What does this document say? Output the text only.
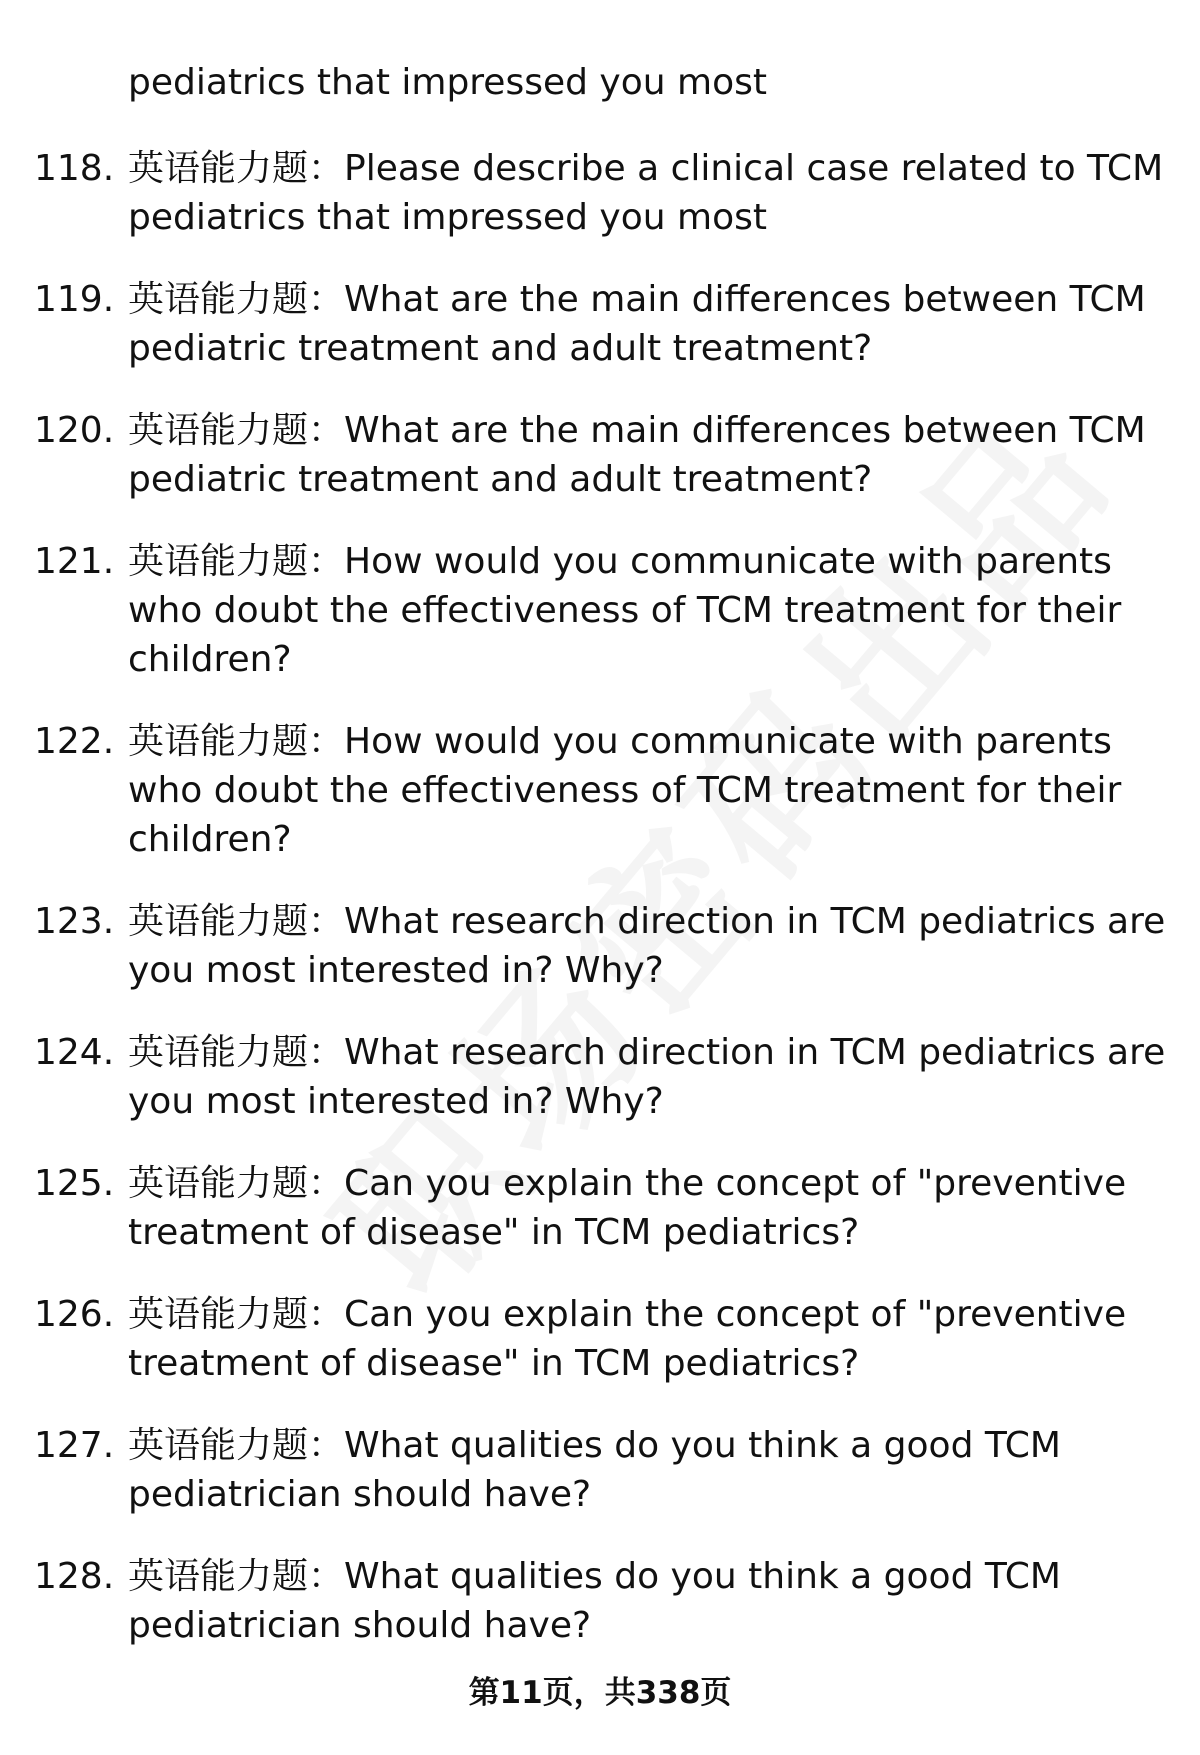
pediatrics that impressed you most
118. 英语能力题：Please describe a clinical case related to TCM
pediatrics that impressed you most
119. 英语能力题：What are the main differences between TCM
pediatric treatment and adult treatment?
120. 英语能力题：What are the main differences between TCM
pediatric treatment and adult treatment?
121. 英语能力题：How would you communicate with parents
who doubt the effectiveness of TCM treatment for their
children?
122. 英语能力题：How would you communicate with parents
who doubt the effectiveness of TCM treatment for their
children?
123. 英语能力题：What research direction in TCM pediatrics are
you most interested in? Why?
124. 英语能力题：What research direction in TCM pediatrics are
you most interested in? Why?
125. 英语能力题：Can you explain the concept of "preventive
treatment of disease" in TCM pediatrics?
126. 英语能力题：Can you explain the concept of "preventive
treatment of disease" in TCM pediatrics?
127. 英语能力题：What qualities do you think a good TCM
pediatrician should have?
128. 英语能力题：What qualities do you think a good TCM
pediatrician should have?
第11页，共338页
